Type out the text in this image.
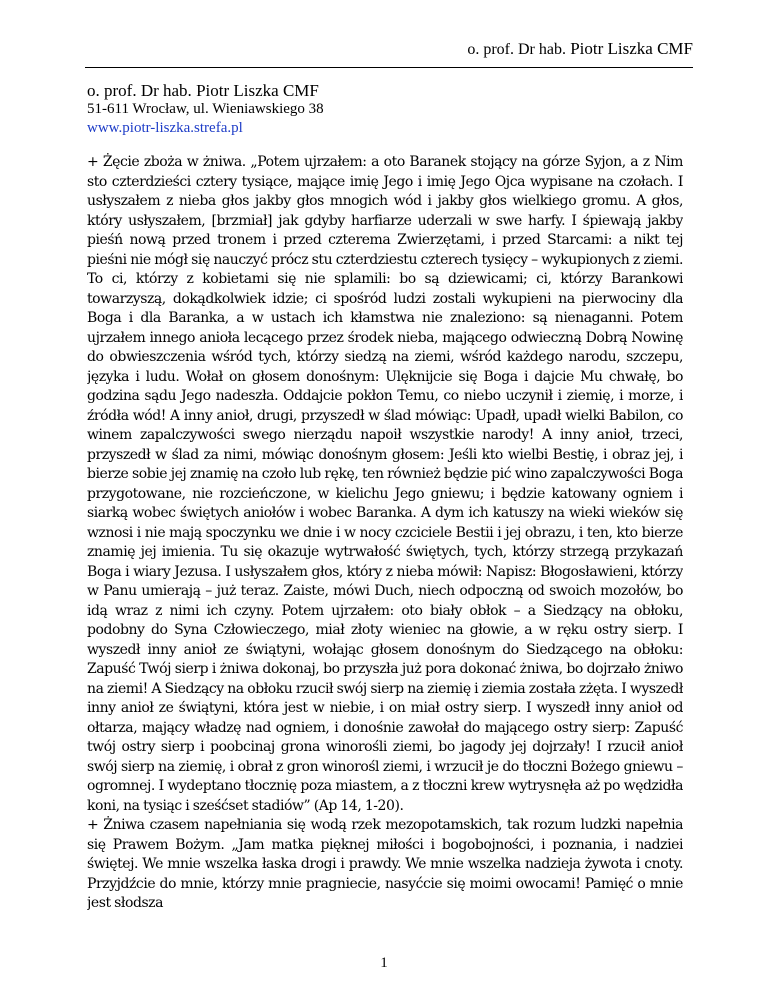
o. prof. Dr hab. Piotr Liszka CMF
o. prof. Dr hab. Piotr Liszka CMF
51-611 Wrocław, ul. Wieniawskiego 38
www.piotr-liszka.strefa.pl

+ Żęcie zboża w żniwa. „Potem ujrzałem: a oto Baranek stojący na górze Syjon, a z Nim sto czterdzieści cztery tysiące, mające imię Jego i imię Jego Ojca wypisane na czołach. I usłyszałem z nieba głos jakby głos mnogich wód i jakby głos wielkiego gromu. A głos, który usłyszałem, [brzmiał] jak gdyby harfiarze uderzali w swe harfy. I śpiewają jakby pieśń nową przed tronem i przed czterema Zwierzętami, i przed Starcami: a nikt tej pieśni nie mógł się nauczyć prócz stu czterdziestu czterech tysięcy – wykupionych z ziemi. To ci, którzy z kobietami się nie splamili: bo są dziewicami; ci, którzy Barankowi towarzyszą, dokądkolwiek idzie; ci spośród ludzi zostali wykupieni na pierwociny dla Boga i dla Baranka, a w ustach ich kłamstwa nie znaleziono: są nienaganni. Potem ujrzałem innego anioła lecącego przez środek nieba, mającego odwieczną Dobrą Nowinę do obwieszczenia wśród tych, którzy siedzą na ziemi, wśród każdego narodu, szczepu, języka i ludu. Wołał on głosem donośnym: Ulęknijcie się Boga i dajcie Mu chwałę, bo godzina sądu Jego nadeszła. Oddajcie pokłon Temu, co niebo uczynił i ziemię, i morze, i źródła wód! A inny anioł, drugi, przyszedł w ślad mówiąc: Upadł, upadł wielki Babilon, co winem zapalczywości swego nierządu napoił wszystkie narody! A inny anioł, trzeci, przyszedł w ślad za nimi, mówiąc donośnym głosem: Jeśli kto wielbi Bestię, i obraz jej, i bierze sobie jej znamię na czoło lub rękę, ten również będzie pić wino zapalczywości Boga przygotowane, nie rozcieńczone, w kielichu Jego gniewu; i będzie katowany ogniem i siarką wobec świętych aniołów i wobec Baranka. A dym ich katuszy na wieki wieków się wznosi i nie mają spoczynku we dnie i w nocy czciciele Bestii i jej obrazu, i ten, kto bierze znamię jej imienia. Tu się okazuje wytrwałość świętych, tych, którzy strzegą przykazań Boga i wiary Jezusa. I usłyszałem głos, który z nieba mówił: Napisz: Błogosławieni, którzy w Panu umierają – już teraz. Zaiste, mówi Duch, niech odpoczną od swoich mozołów, bo idą wraz z nimi ich czyny. Potem ujrzałem: oto biały obłok – a Siedzący na obłoku, podobny do Syna Człowieczego, miał złoty wieniec na głowie, a w ręku ostry sierp. I wyszedł inny anioł ze świątyni, wołając głosem donośnym do Siedzącego na obłoku: Zapuść Twój sierp i żniwa dokonaj, bo przyszła już pora dokonać żniwa, bo dojrzało żniwo na ziemi! A Siedzący na obłoku rzucił swój sierp na ziemię i ziemia została zżęta. I wyszedł inny anioł ze świątyni, która jest w niebie, i on miał ostry sierp. I wyszedł inny anioł od ołtarza, mający władzę nad ogniem, i donośnie zawołał do mającego ostry sierp: Zapuść twój ostry sierp i poobcinaj grona winorośli ziemi, bo jagody jej dojrzały! I rzucił anioł swój sierp na ziemię, i obrał z gron winorośl ziemi, i wrzucił je do tłoczni Bożego gniewu – ogromnej. I wydeptano tłocznię poza miastem, a z tłoczni krew wytrysnęła aż po wędzidła koni, na tysiąc i sześćset stadiów” (Ap 14, 1-20).

+ Żniwa czasem napełniania się wodą rzek mezopotamskich, tak rozum ludzki napełnia się Prawem Bożym. „Jam matka pięknej miłości i bogobojności, i poznania, i nadziei świętej. We mnie wszelka łaska drogi i prawdy. We mnie wszelka nadzieja żywota i cnoty. Przyjdźcie do mnie, którzy mnie pragniecie, nasyćcie się moimi owocami! Pamięć o mnie jest słodsza

1
